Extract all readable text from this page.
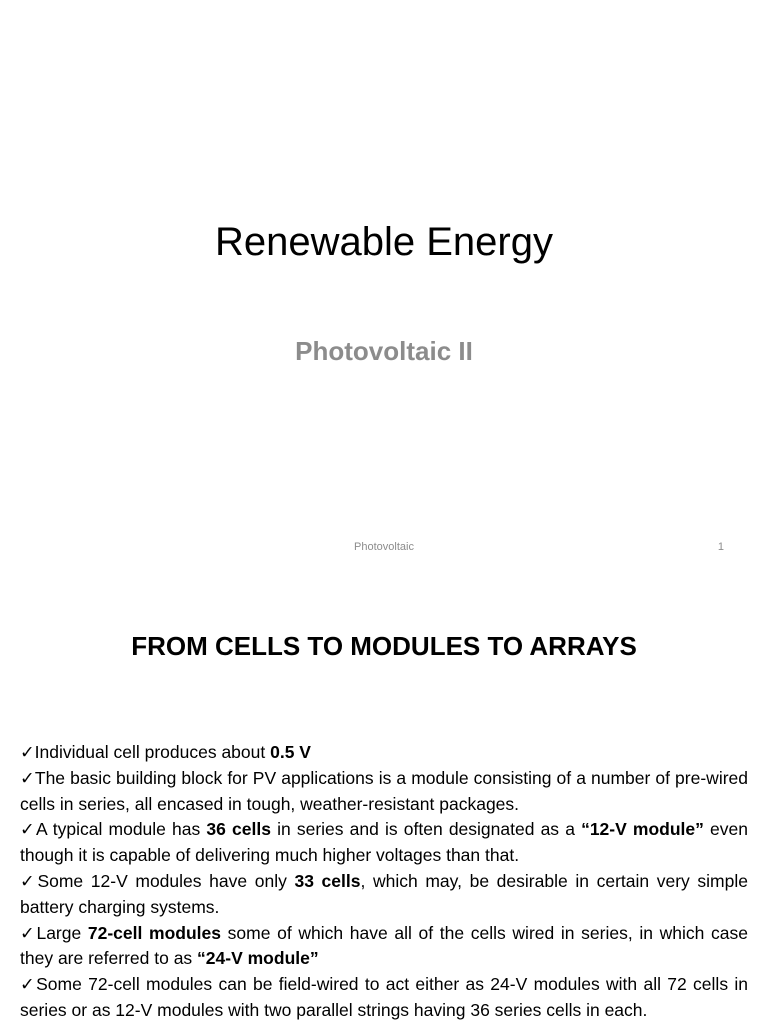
Renewable Energy
Photovoltaic II
Photovoltaic	1
FROM CELLS TO MODULES TO ARRAYS
✓Individual cell produces about 0.5 V
✓The basic building block for PV applications is a module consisting of a number of pre-wired cells in series, all encased in tough, weather-resistant packages.
✓A typical module has 36 cells in series and is often designated as a “12-V module” even though it is capable of delivering much higher voltages than that.
✓Some 12-V modules have only 33 cells, which may, be desirable in certain very simple battery charging systems.
✓Large 72-cell modules some of which have all of the cells wired in series, in which case they are referred to as “24-V module”
✓Some 72-cell modules can be field-wired to act either as 24-V modules with all 72 cells in series or as 12-V modules with two parallel strings having 36 series cells in each.
